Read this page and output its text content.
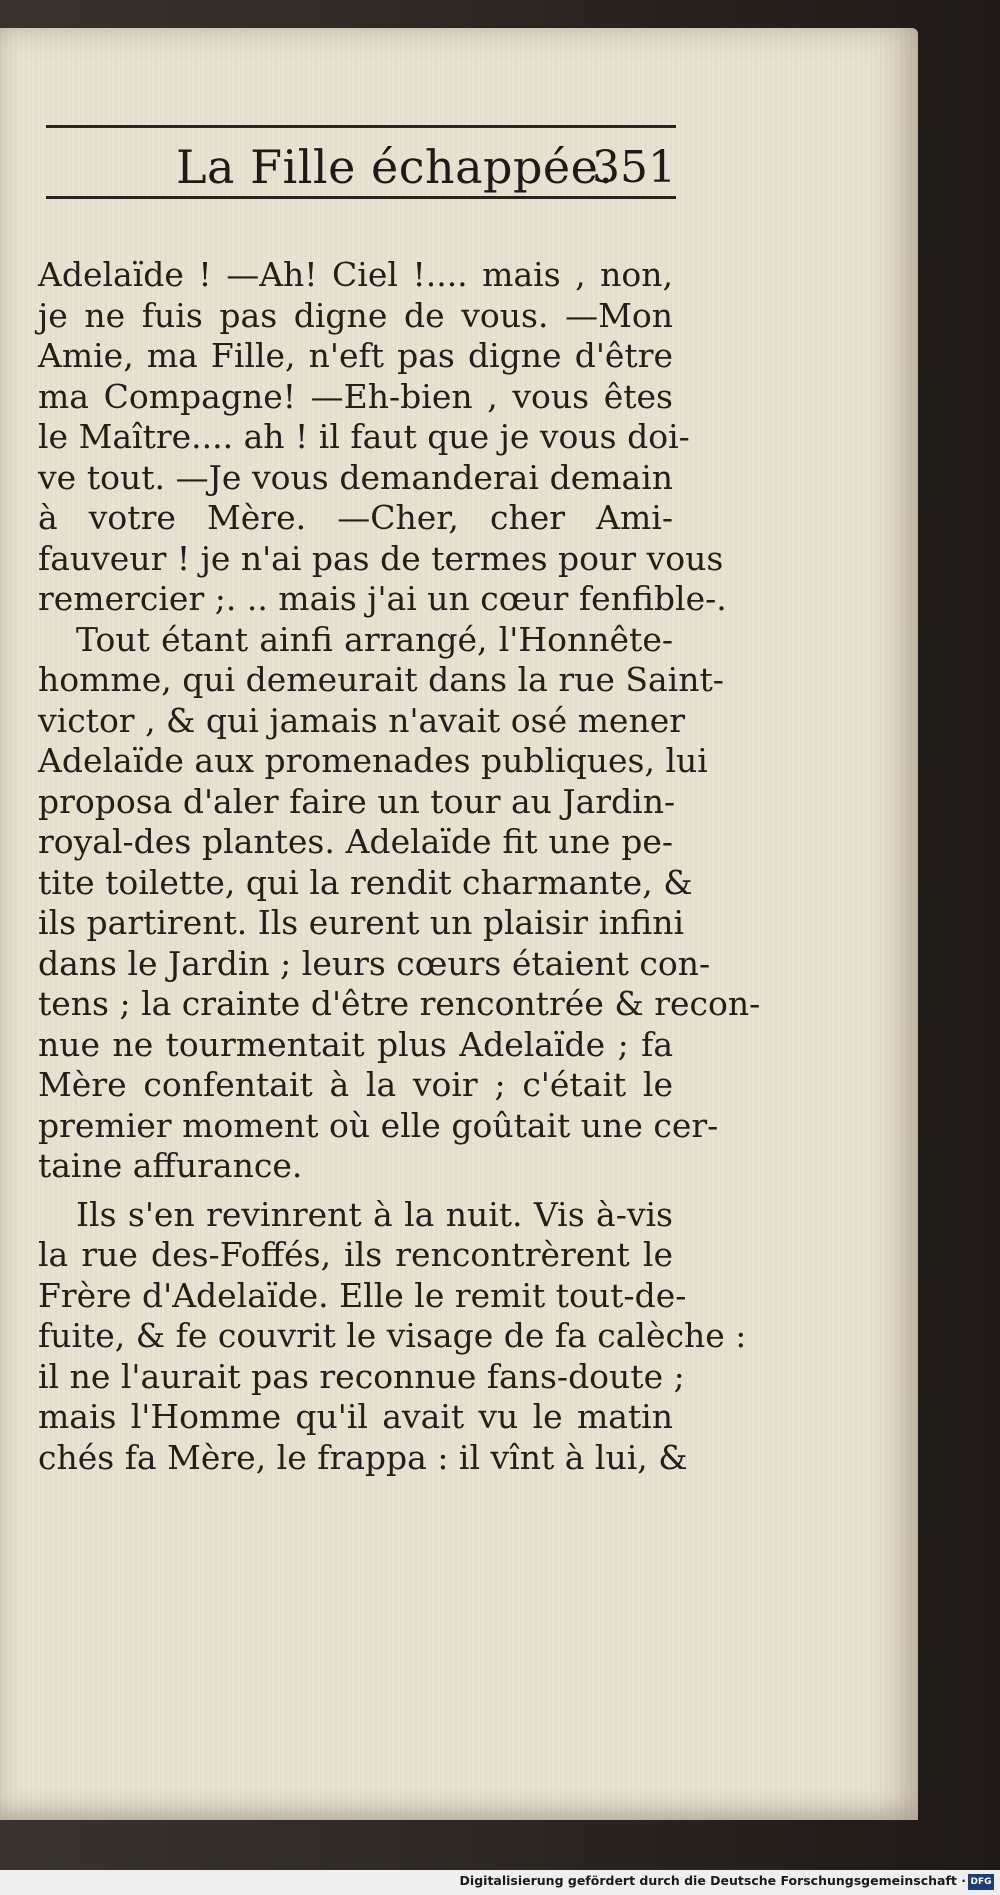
La Fille échappée.
351
Adelaïde ! —Ah! Ciel !.... mais , non,
je ne fuis pas digne de vous. —Mon
Amie, ma Fille, n'eft pas digne d'être
ma Compagne! —Eh-bien , vous êtes
le Maître.... ah ! il faut que je vous doi-
ve tout. —Je vous demanderai demain
à votre Mère. —Cher, cher Ami-
fauveur ! je n'ai pas de termes pour vous
remercier ;. .. mais j'ai un cœur fenfible-.
Tout étant ainfi arrangé, l'Honnête-
homme, qui demeurait dans la rue Saint-
victor , & qui jamais n'avait osé mener
Adelaïde aux promenades publiques, lui
proposa d'aler faire un tour au Jardin-
royal-des plantes. Adelaïde fit une pe-
tite toilette, qui la rendit charmante, &
ils partirent. Ils eurent un plaisir infini
dans le Jardin ; leurs cœurs étaient con-
tens ; la crainte d'être rencontrée & recon-
nue ne tourmentait plus Adelaïde ; fa
Mère confentait à la voir ; c'était le
premier moment où elle goûtait une cer-
taine affurance.
Ils s'en revinrent à la nuit. Vis à-vis
la rue des-Foffés, ils rencontrèrent le
Frère d'Adelaïde. Elle le remit tout-de-
fuite, & fe couvrit le visage de fa calèche :
il ne l'aurait pas reconnue fans-doute ;
mais l'Homme qu'il avait vu le matin
chés fa Mère, le frappa : il vînt à lui, &
Digitalisierung gefördert durch die Deutsche Forschungsgemeinschaft · DFG
